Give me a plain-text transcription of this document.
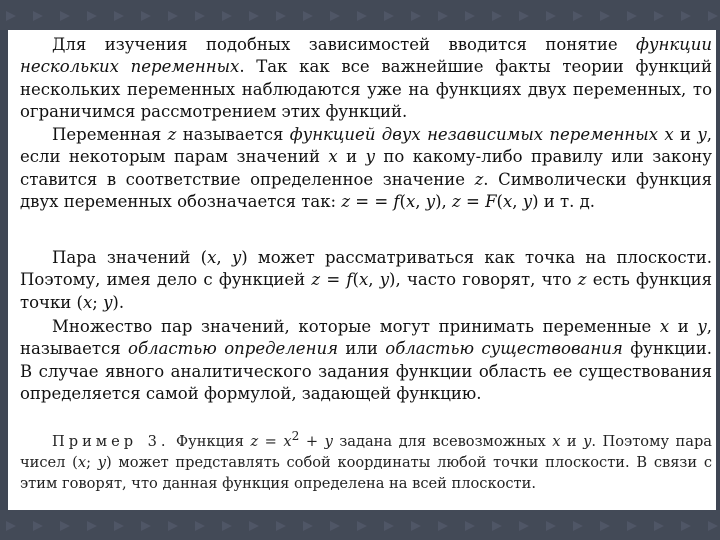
Для изучения подобных зависимостей вводится понятие функции нескольких переменных. Так как все важнейшие факты теории функций нескольких переменных наблюдаются уже на функциях двух переменных, то ограничимся рассмотрением этих функций.
Переменная z называется функцией двух независимых переменных x и y, если некоторым парам значений x и y по какому-либо правилу или закону ставится в соответствие определенное значение z. Символически функция двух переменных обозначается так: z = = f(x, y), z = F(x, y) и т. д.
Пара значений (x, y) может рассматриваться как точка на плоскости. Поэтому, имея дело с функцией z = f(x, y), часто говорят, что z есть функция точки (x; y).
Множество пар значений, которые могут принимать переменные x и y, называется областью определения или областью существования функции. В случае явного аналитического задания функции область ее существования определяется самой формулой, задающей функцию.
Пример 3. Функция $z = x^2 + y$ задана для всевозможных x и y. Поэтому пара чисел (x; y) может представлять собой координаты любой точки плоскости. В связи с этим говорят, что данная функция определена на всей плоскости.
